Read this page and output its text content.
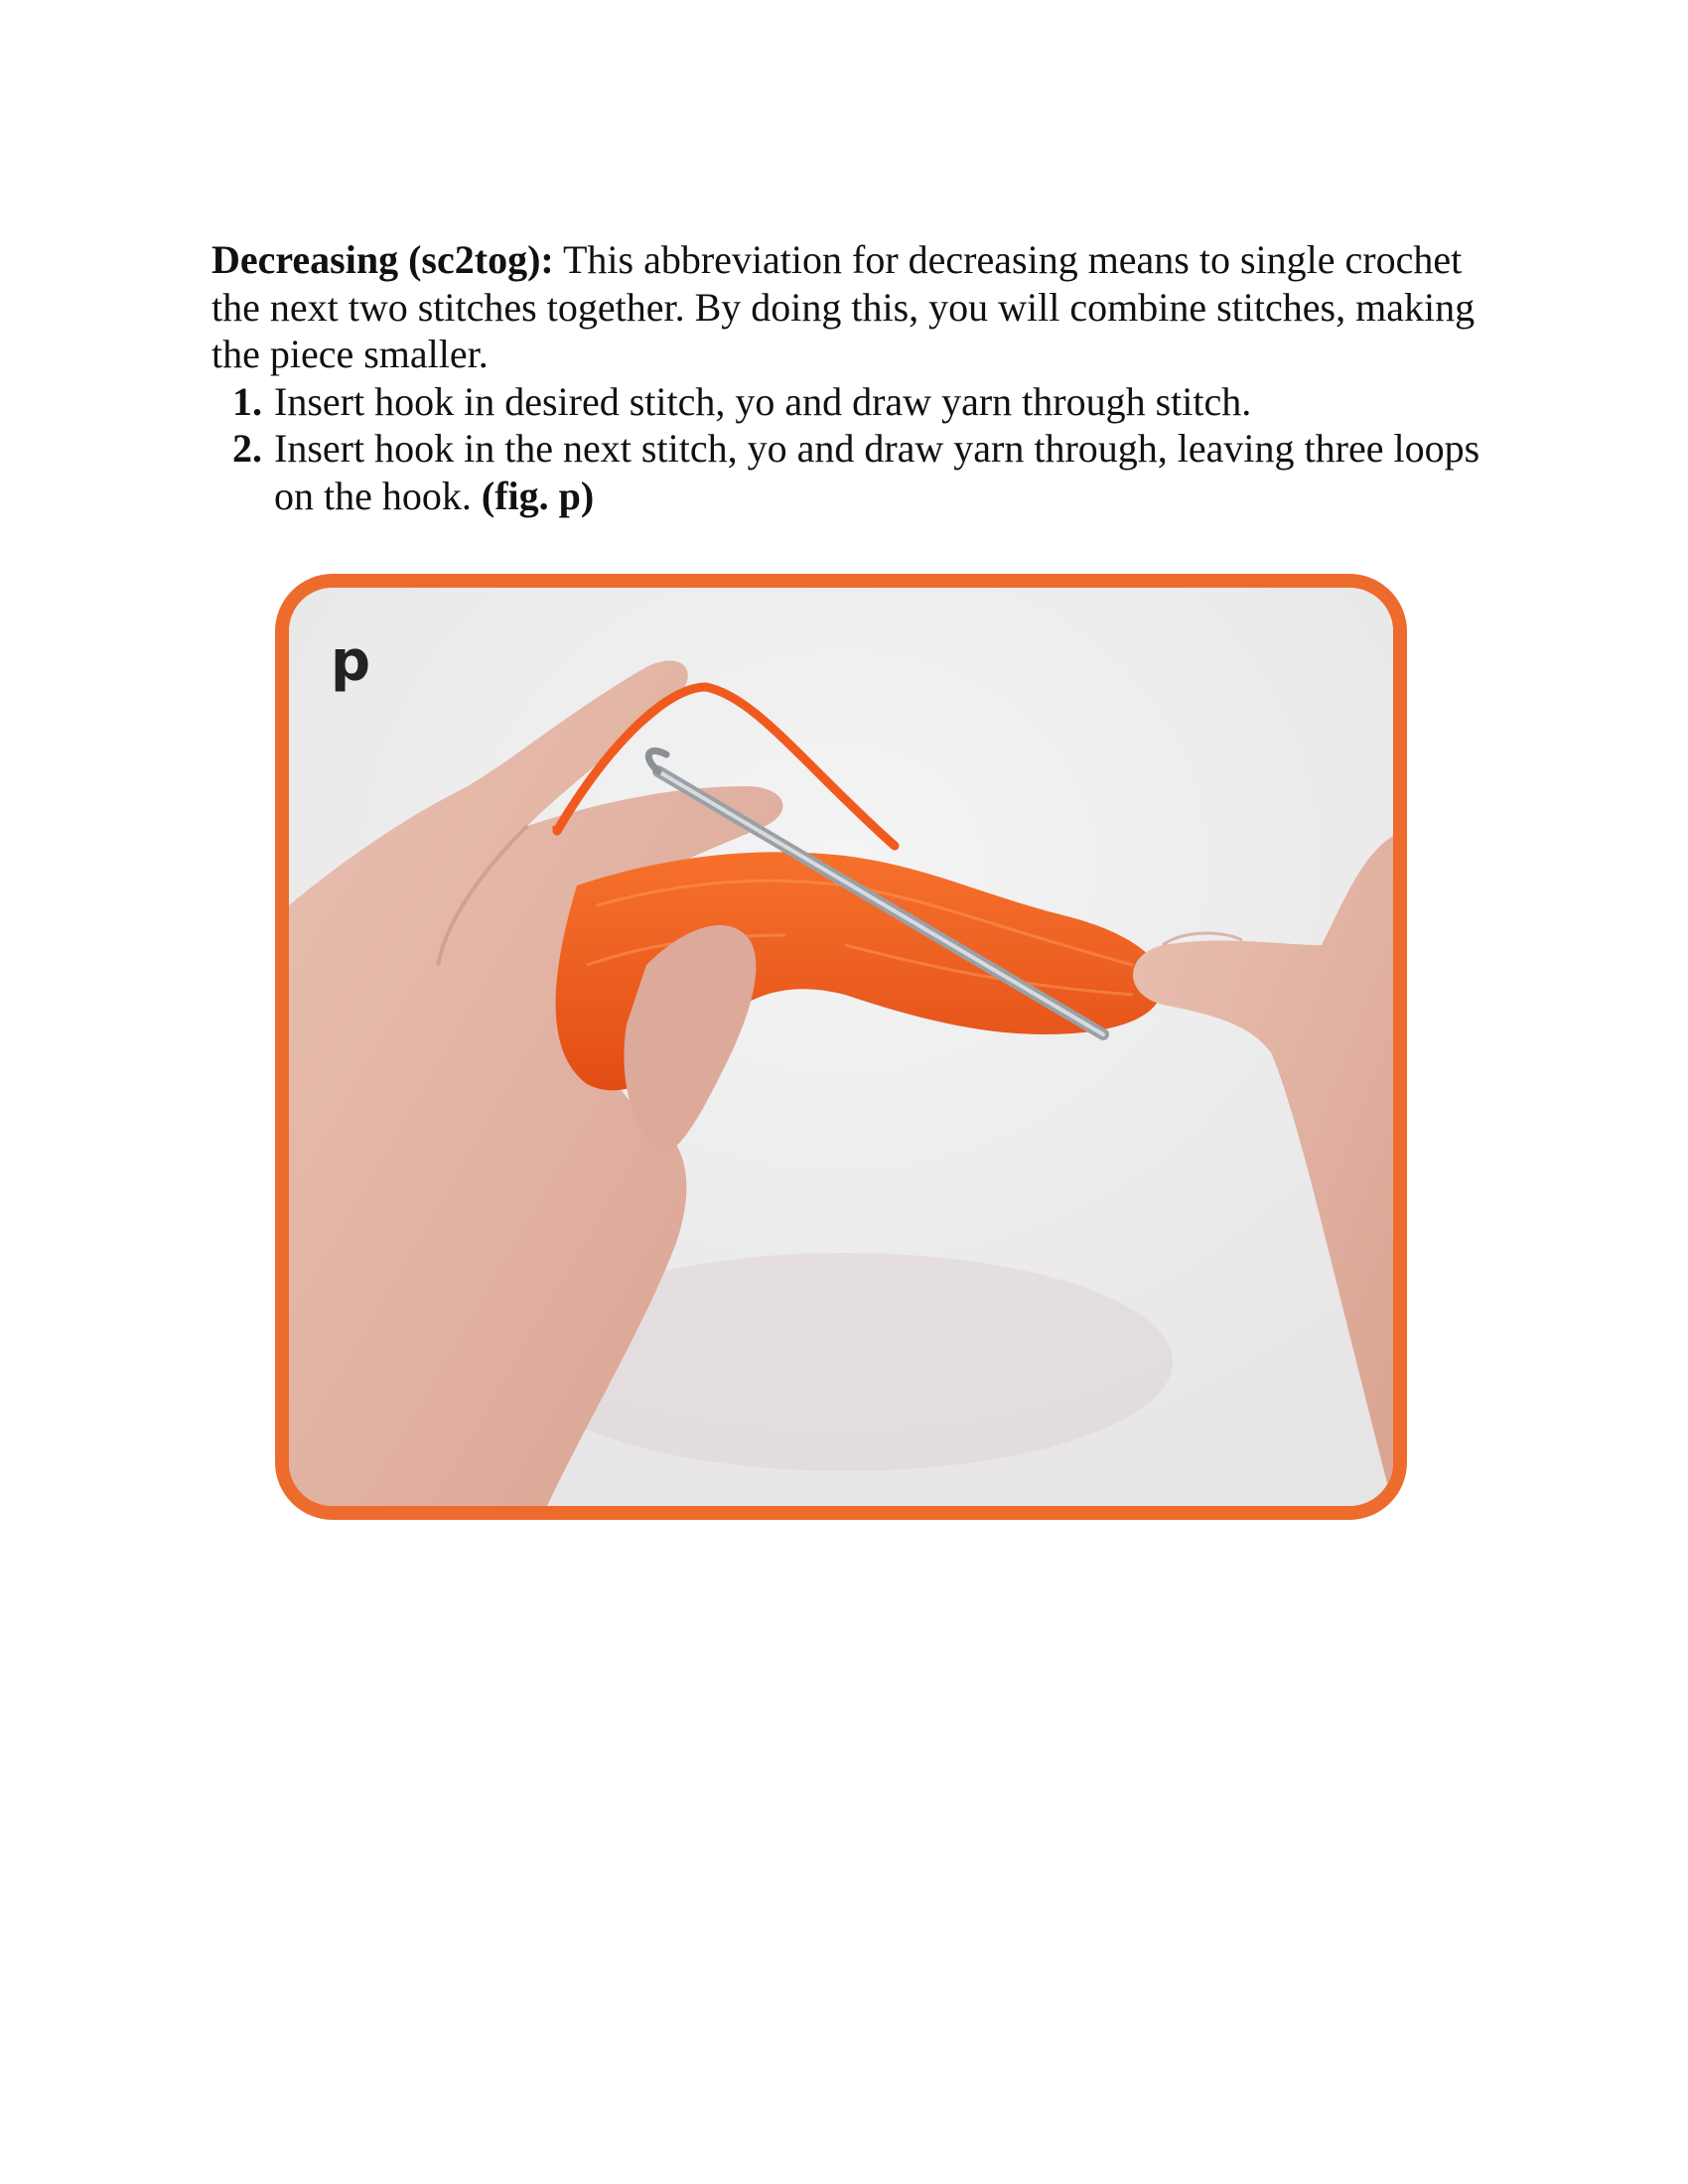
Decreasing (sc2tog): This abbreviation for decreasing means to single crochet the next two stitches together. By doing this, you will combine stitches, making the piece smaller.

1. Insert hook in desired stitch, yo and draw yarn through stitch.
2. Insert hook in the next stitch, yo and draw yarn through, leaving three loops on the hook. (fig. p)
p
